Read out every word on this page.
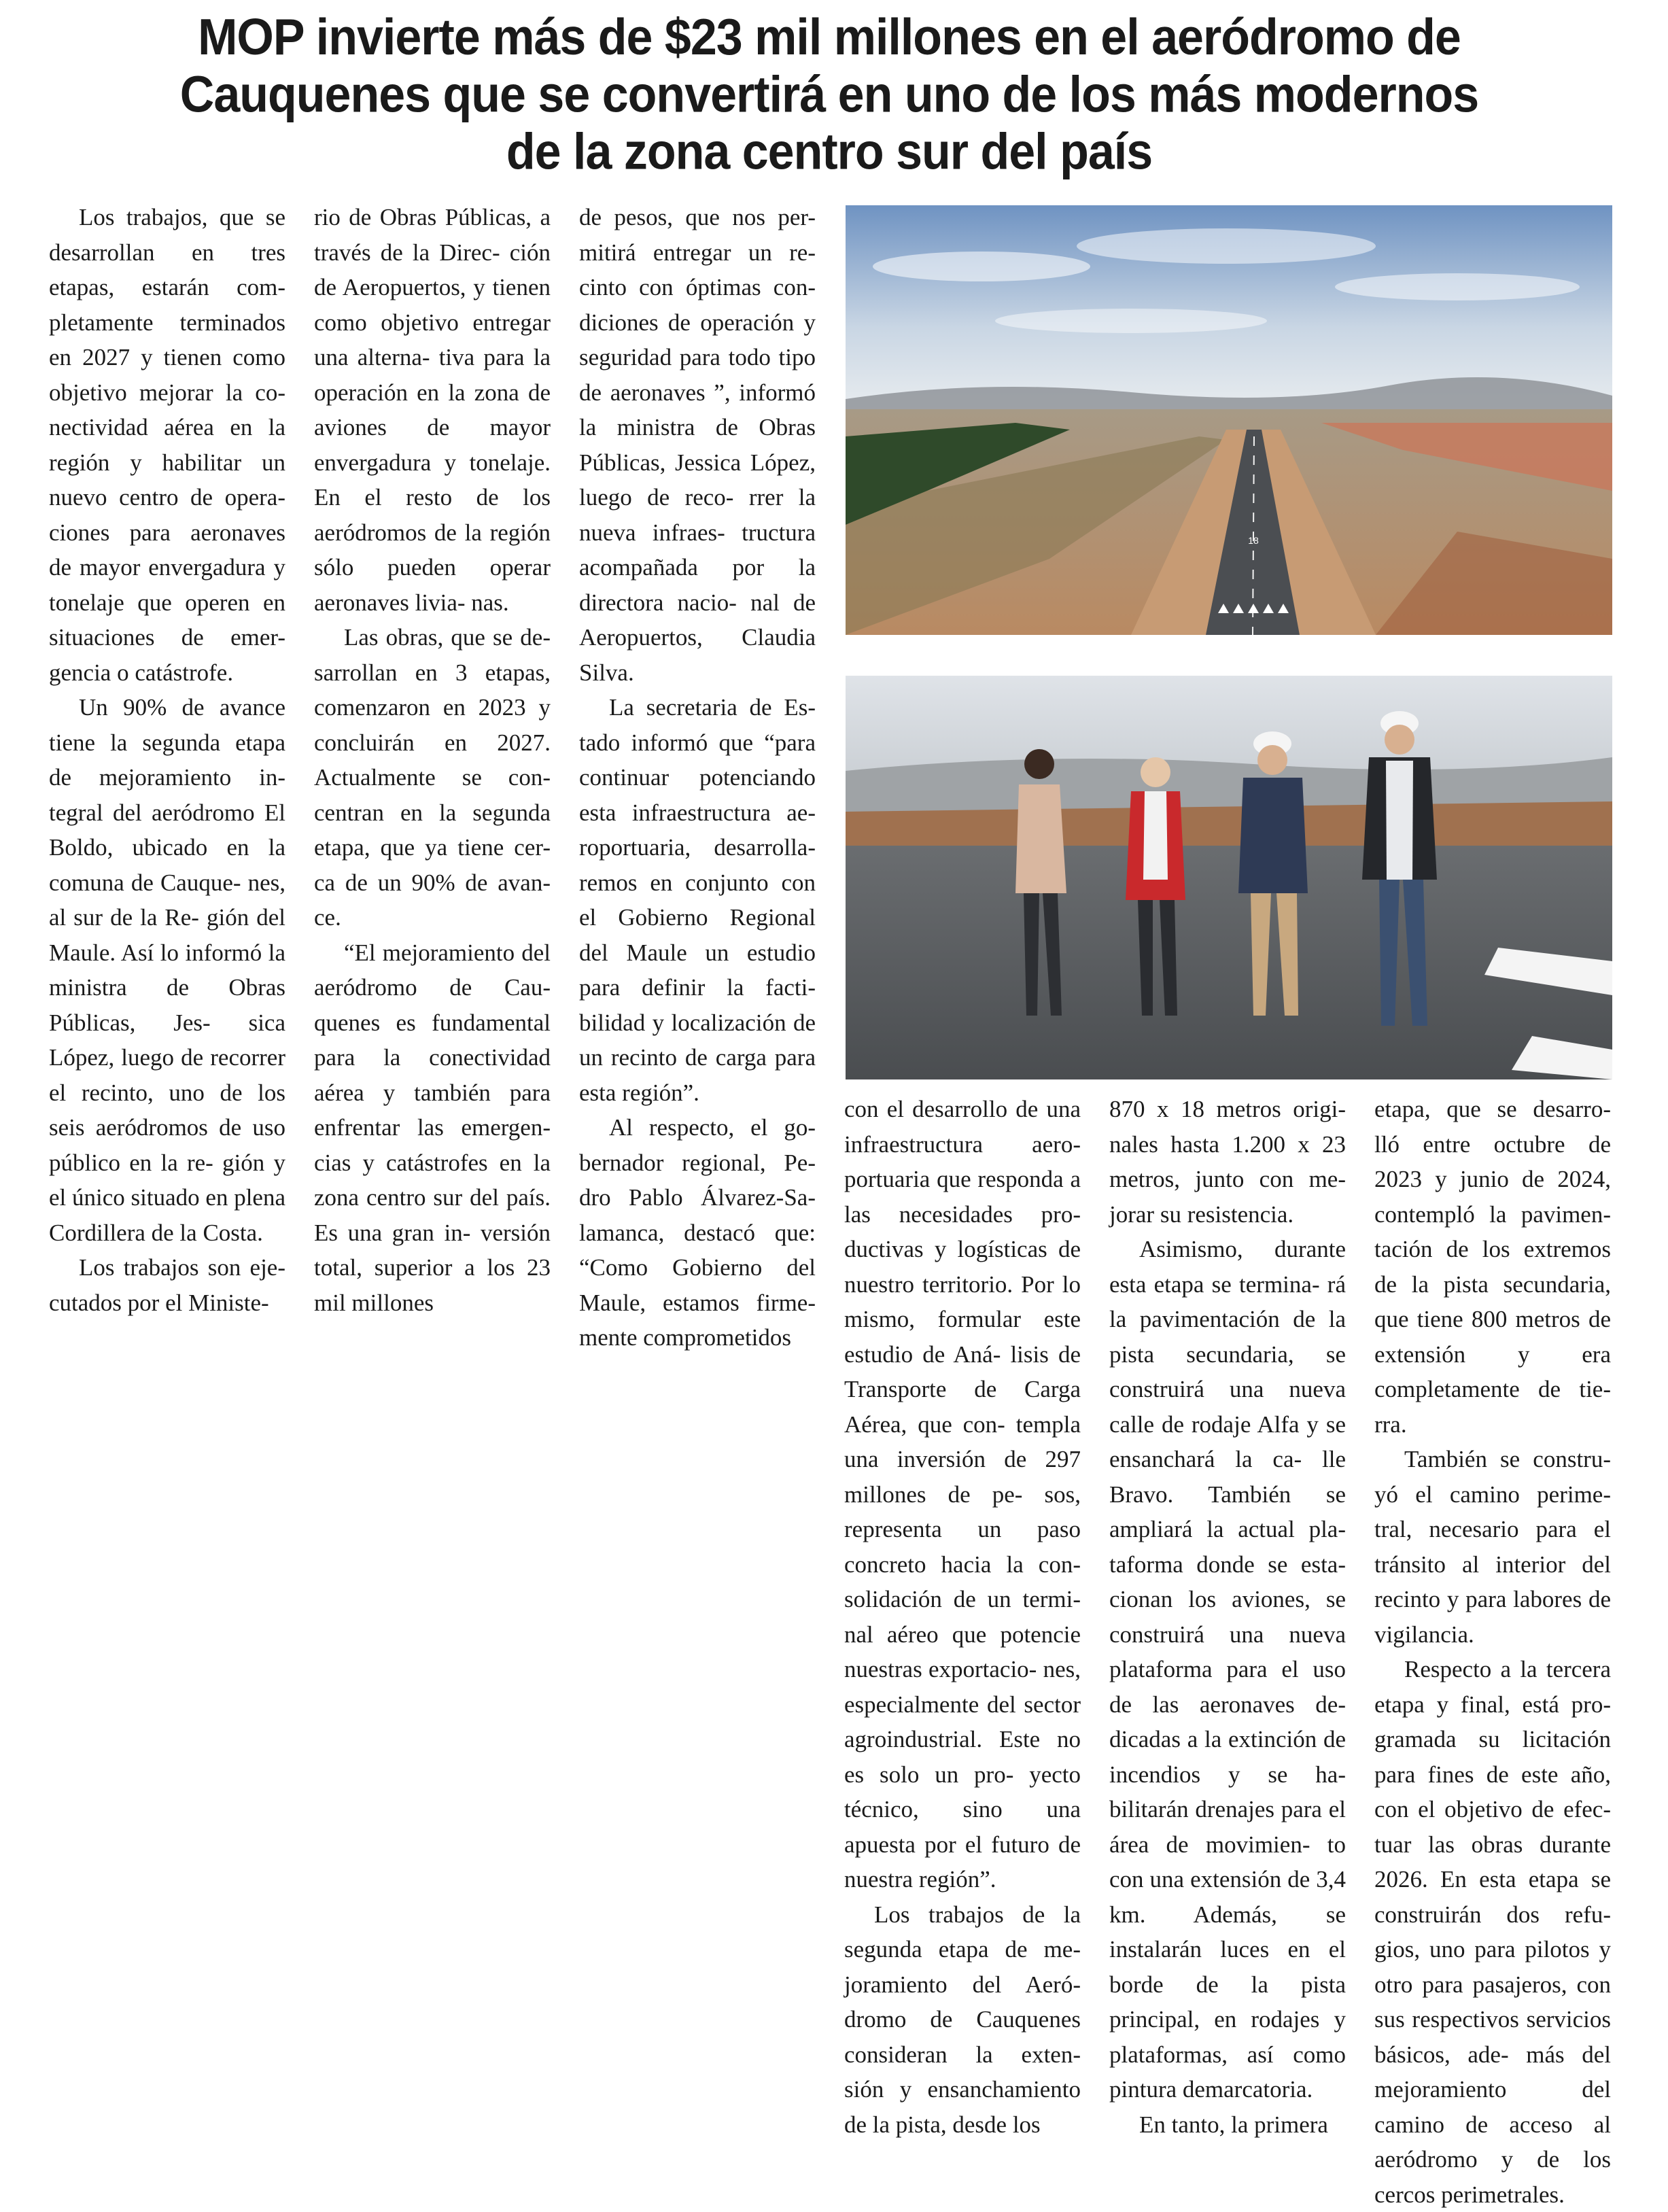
MOP invierte más de $23 mil millones en el aeródromo de
Cauquenes que se convertirá en uno de los más modernos
de la zona centro sur del país

Los trabajos, que se desarrollan en tres etapas, estarán com- pletamente terminados en 2027 y tienen como objetivo mejorar la co- nectividad aérea en la región y habilitar un nuevo centro de opera- ciones para aeronaves de mayor envergadura y tonelaje que operen en situaciones de emer- gencia o catástrofe.

Un 90% de avance tiene la segunda etapa de mejoramiento in- tegral del aeródromo El Boldo, ubicado en la comuna de Cauque- nes, al sur de la Re- gión del Maule. Así lo informó la ministra de Obras Públicas, Jes- sica López, luego de recorrer el recinto, uno de los seis aeródromos de uso público en la re- gión y el único situado en plena Cordillera de la Costa.

Los trabajos son eje- cutados por el Ministe-

rio de Obras Públicas, a través de la Direc- ción de Aeropuertos, y tienen como objetivo entregar una alterna- tiva para la operación en la zona de aviones de mayor envergadura y tonelaje. En el resto de los aeródromos de la región sólo pueden operar aeronaves livia- nas.

Las obras, que se de- sarrollan en 3 etapas, comenzaron en 2023 y concluirán en 2027. Actualmente se con- centran en la segunda etapa, que ya tiene cer- ca de un 90% de avan- ce.

“El mejoramiento del aeródromo de Cau- quenes es fundamental para la conectividad aérea y también para enfrentar las emergen- cias y catástrofes en la zona centro sur del país. Es una gran in- versión total, superior a los 23 mil millones

de pesos, que nos per- mitirá entregar un re- cinto con óptimas con- diciones de operación y seguridad para todo tipo de aeronaves ”, informó la ministra de Obras Públicas, Jessica López, luego de reco- rrer la nueva infraes- tructura acompañada por la directora nacio- nal de Aeropuertos, Claudia Silva.

La secretaria de Es- tado informó que “para continuar potenciando esta infraestructura ae- roportuaria, desarrolla- remos en conjunto con el Gobierno Regional del Maule un estudio para definir la facti- bilidad y localización de un recinto de carga para esta región”.

Al respecto, el go- bernador regional, Pe- dro Pablo Álvarez-Sa- lamanca, destacó que: “Como Gobierno del Maule, estamos firme- mente comprometidos

18

con el desarrollo de una infraestructura aero- portuaria que responda a las necesidades pro- ductivas y logísticas de nuestro territorio. Por lo mismo, formular este estudio de Aná- lisis de Transporte de Carga Aérea, que con- templa una inversión de 297 millones de pe- sos, representa un paso concreto hacia la con- solidación de un termi- nal aéreo que potencie nuestras exportacio- nes, especialmente del sector agroindustrial. Este no es solo un pro- yecto técnico, sino una apuesta por el futuro de nuestra región”.

Los trabajos de la segunda etapa de me- joramiento del Aeró- dromo de Cauquenes consideran la exten- sión y ensanchamiento de la pista, desde los

870 x 18 metros origi- nales hasta 1.200 x 23 metros, junto con me- jorar su resistencia.

Asimismo, durante esta etapa se termina- rá la pavimentación de la pista secundaria, se construirá una nueva calle de rodaje Alfa y se ensanchará la ca- lle Bravo. También se ampliará la actual pla- taforma donde se esta- cionan los aviones, se construirá una nueva plataforma para el uso de las aeronaves de- dicadas a la extinción de incendios y se ha- bilitarán drenajes para el área de movimien- to con una extensión de 3,4 km. Además, se instalarán luces en el borde de la pista principal, en rodajes y plataformas, así como pintura demarcatoria.

En tanto, la primera

etapa, que se desarro- lló entre octubre de 2023 y junio de 2024, contempló la pavimen- tación de los extremos de la pista secundaria, que tiene 800 metros de extensión y era completamente de tie- rra.

También se constru- yó el camino perime- tral, necesario para el tránsito al interior del recinto y para labores de vigilancia.

Respecto a la tercera etapa y final, está pro- gramada su licitación para fines de este año, con el objetivo de efec- tuar las obras durante 2026. En esta etapa se construirán dos refu- gios, uno para pilotos y otro para pasajeros, con sus respectivos servicios básicos, ade- más del mejoramiento del camino de acceso al aeródromo y de los cercos perimetrales.
